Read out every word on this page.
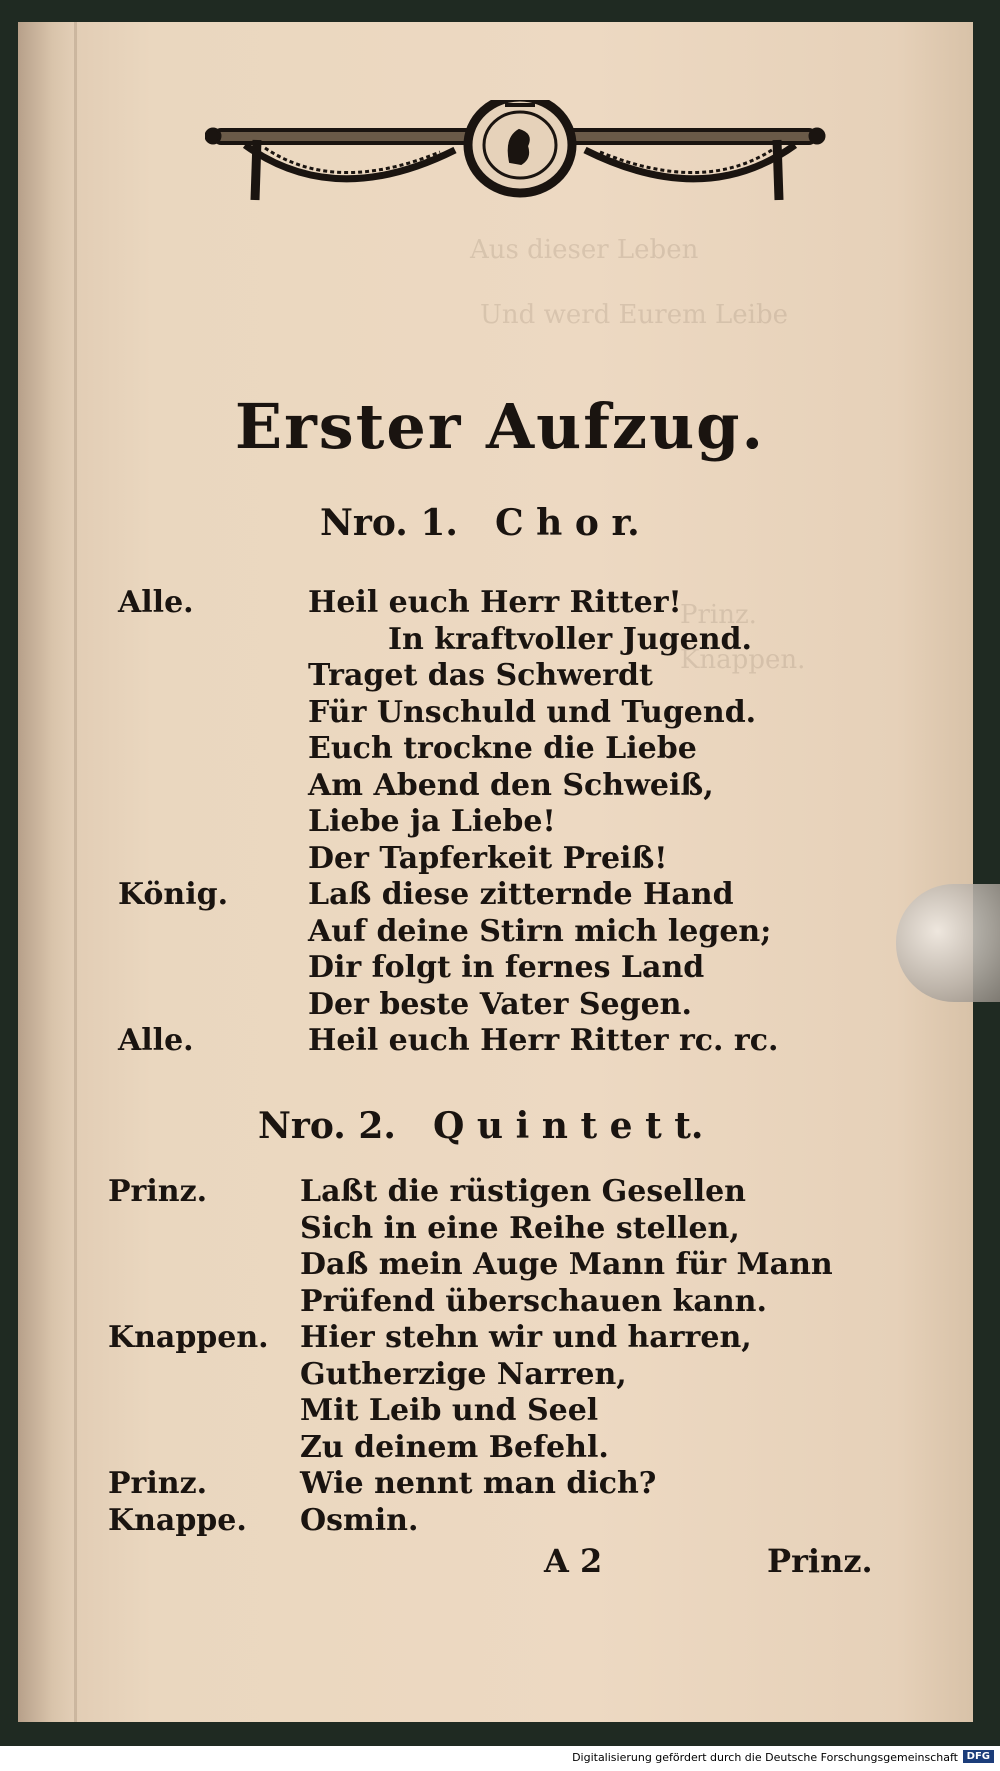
Aus dieser Leben
Und werd Eurem Leibe
Prinz.
Knappen.
Erster Aufzug.
Nro. 1. C h o r.
Alle.	Heil euch Herr Ritter!
In kraftvoller Jugend.
Traget das Schwerdt
Für Unschuld und Tugend.
Euch trockne die Liebe
Am Abend den Schweiß,
Liebe ja Liebe!
Der Tapferkeit Preiß!
König.	Laß diese zitternde Hand
Auf deine Stirn mich legen;
Dir folgt in fernes Land
Der beste Vater Segen.
Alle.	Heil euch Herr Ritter rc. rc.
Nro. 2. Q u i n t e t t.
Prinz.	Laßt die rüstigen Gesellen
Sich in eine Reihe stellen,
Daß mein Auge Mann für Mann
Prüfend überschauen kann.
Knappen. Hier stehn wir und harren,
Gutherzige Narren,
Mit Leib und Seel
Zu deinem Befehl.
Prinz.	Wie nennt man dich?
Knappe. Osmin.
A 2	Prinz.
Digitalisierung gefördert durch die Deutsche Forschungsgemeinschaft DFG
